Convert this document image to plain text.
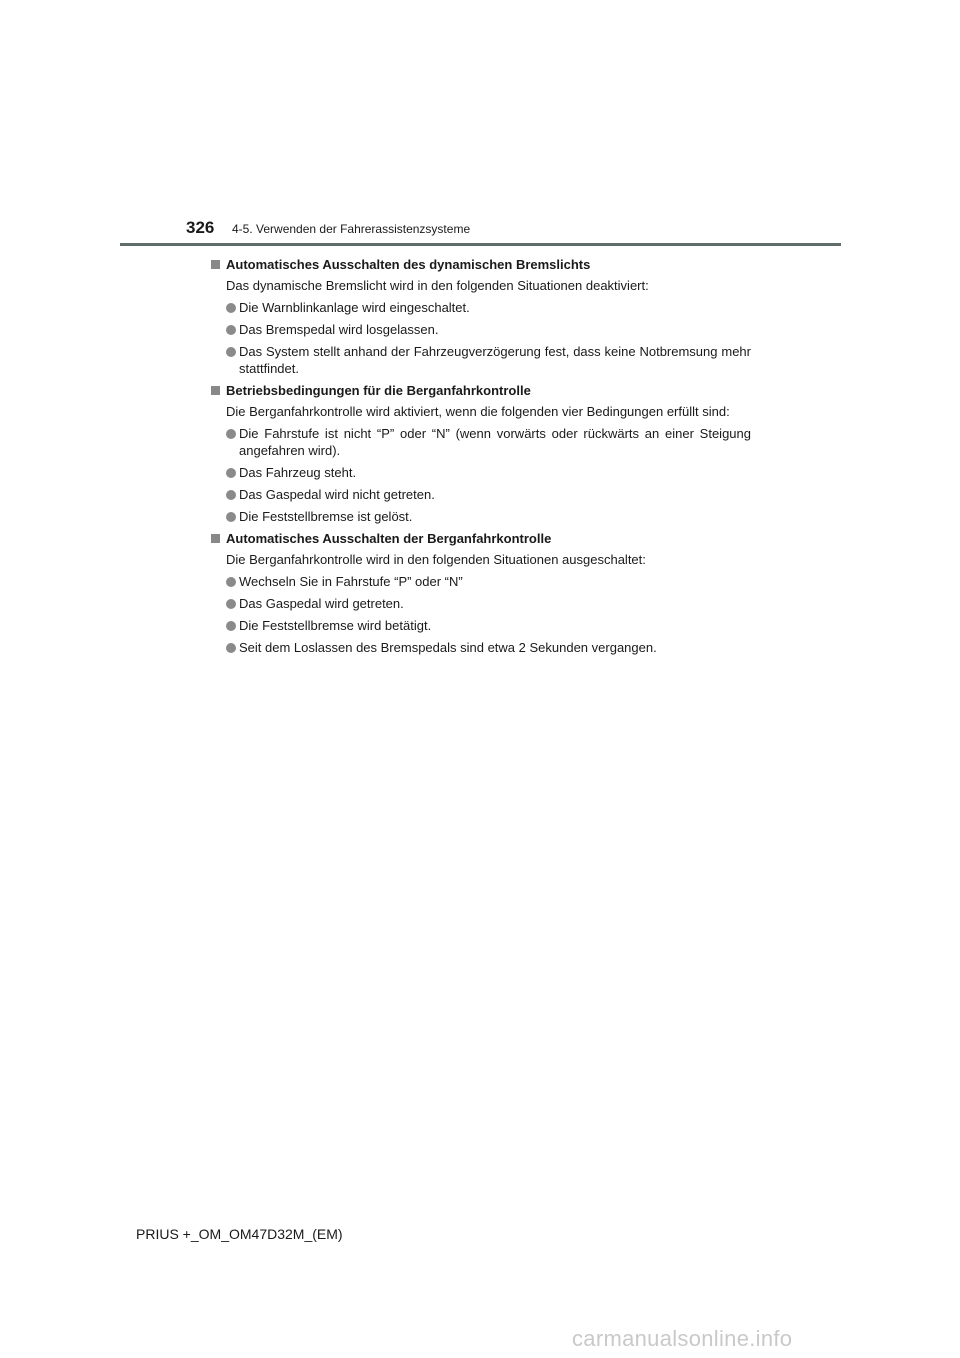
326 4-5. Verwenden der Fahrerassistenzsysteme
Automatisches Ausschalten des dynamischen Bremslichts
Das dynamische Bremslicht wird in den folgenden Situationen deaktiviert:
Die Warnblinkanlage wird eingeschaltet.
Das Bremspedal wird losgelassen.
Das System stellt anhand der Fahrzeugverzögerung fest, dass keine Notbremsung mehr stattfindet.
Betriebsbedingungen für die Berganfahrkontrolle
Die Berganfahrkontrolle wird aktiviert, wenn die folgenden vier Bedingungen erfüllt sind:
Die Fahrstufe ist nicht “P” oder “N” (wenn vorwärts oder rückwärts an einer Steigung angefahren wird).
Das Fahrzeug steht.
Das Gaspedal wird nicht getreten.
Die Feststellbremse ist gelöst.
Automatisches Ausschalten der Berganfahrkontrolle
Die Berganfahrkontrolle wird in den folgenden Situationen ausgeschaltet:
Wechseln Sie in Fahrstufe “P” oder “N”
Das Gaspedal wird getreten.
Die Feststellbremse wird betätigt.
Seit dem Loslassen des Bremspedals sind etwa 2 Sekunden vergangen.
PRIUS +_OM_OM47D32M_(EM)
carmanualsonline.info
